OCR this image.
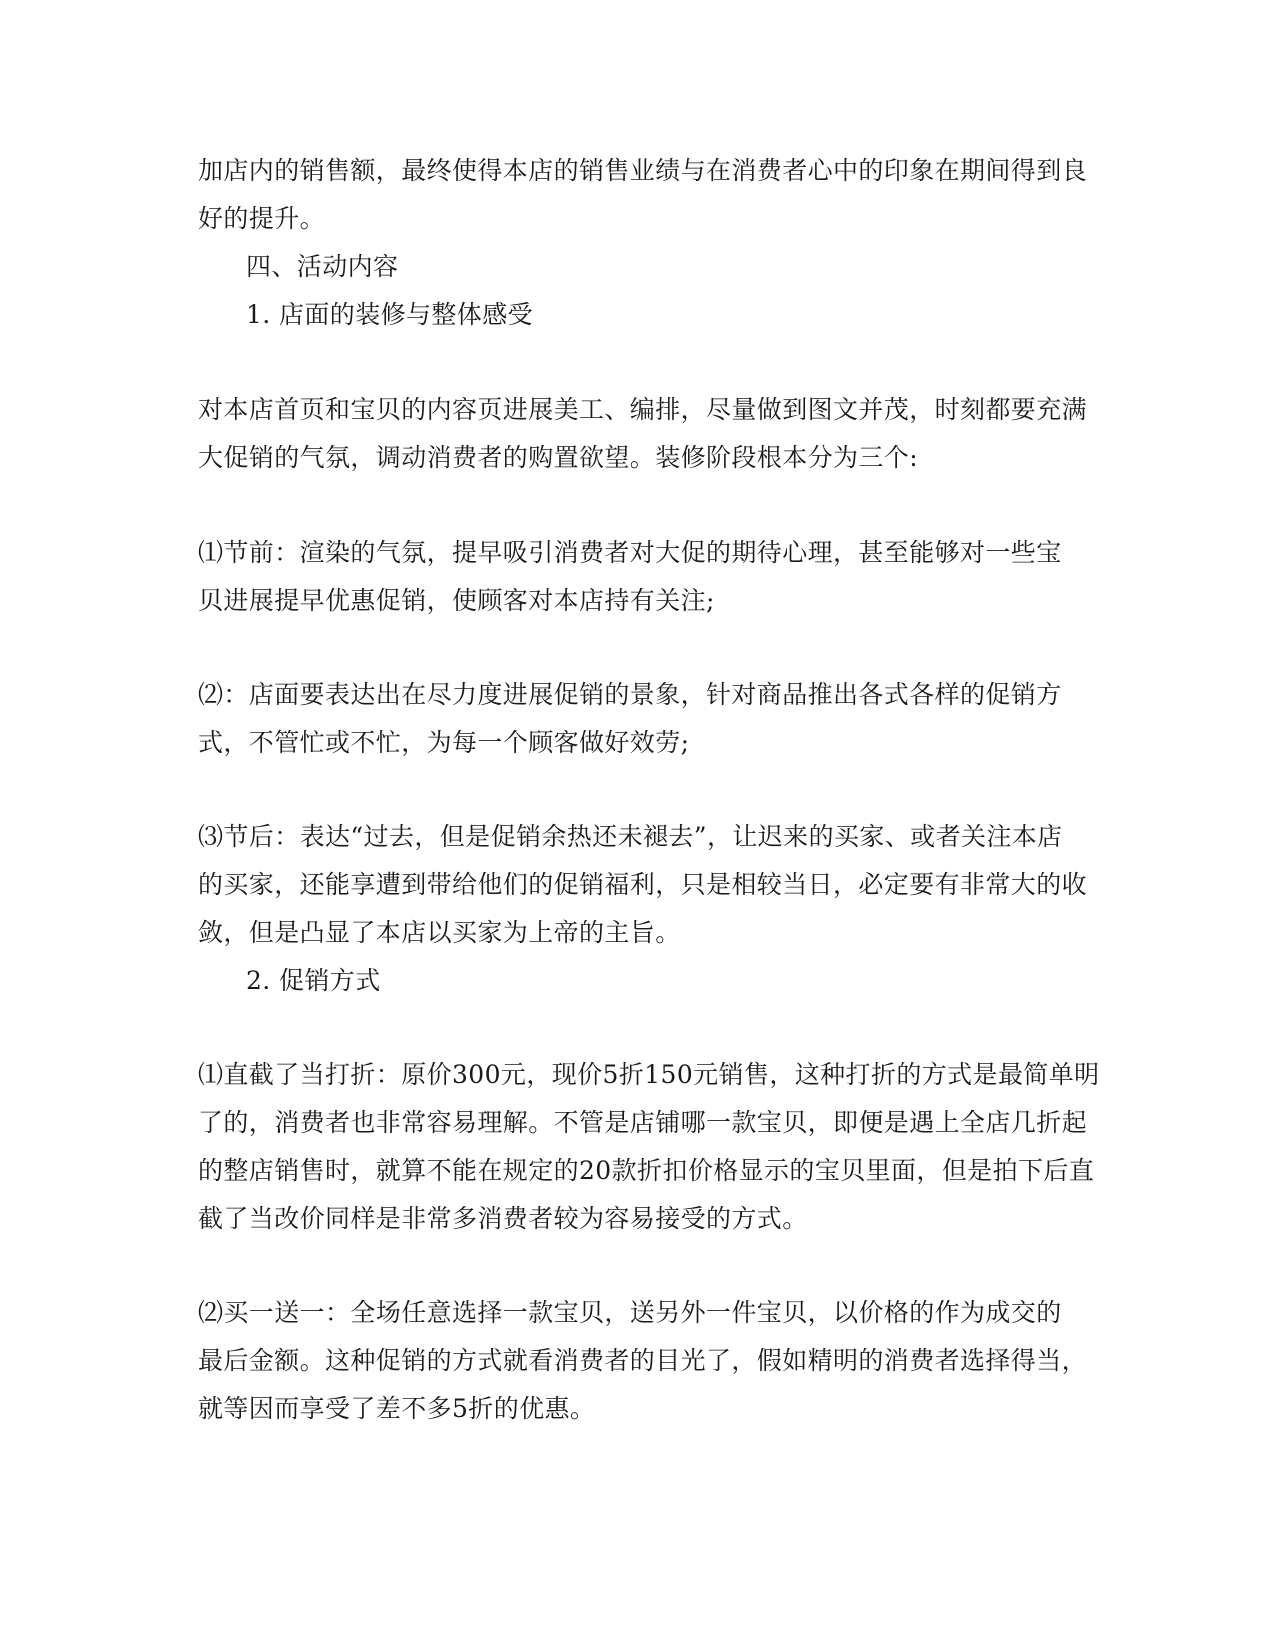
加店内的销售额，最终使得本店的销售业绩与在消费者心中的印象在期间得到良
好的提升。
四、活动内容
1. 店面的装修与整体感受
对本店首页和宝贝的内容页进展美工、编排，尽量做到图文并茂，时刻都要充满
大促销的气氛，调动消费者的购置欲望。装修阶段根本分为三个:
⑴节前：渲染的气氛，提早吸引消费者对大促的期待心理，甚至能够对一些宝
贝进展提早优惠促销，使顾客对本店持有关注;
⑵：店面要表达出在尽力度进展促销的景象，针对商品推出各式各样的促销方
式，不管忙或不忙，为每一个顾客做好效劳;
⑶节后：表达“过去，但是促销余热还未褪去”，让迟来的买家、或者关注本店
的买家，还能享遭到带给他们的促销福利，只是相较当日，必定要有非常大的收
敛，但是凸显了本店以买家为上帝的主旨。
2. 促销方式
⑴直截了当打折：原价300元，现价5折150元销售，这种打折的方式是最简单明
了的，消费者也非常容易理解。不管是店铺哪一款宝贝，即便是遇上全店几折起
的整店销售时，就算不能在规定的20款折扣价格显示的宝贝里面，但是拍下后直
截了当改价同样是非常多消费者较为容易接受的方式。
⑵买一送一：全场任意选择一款宝贝，送另外一件宝贝，以价格的作为成交的
最后金额。这种促销的方式就看消费者的目光了，假如精明的消费者选择得当，
就等因而享受了差不多5折的优惠。
